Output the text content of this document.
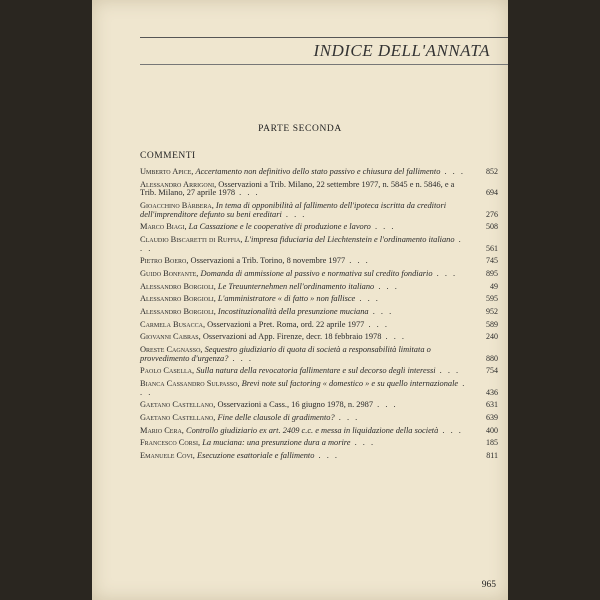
INDICE DELL'ANNATA
PARTE SECONDA
COMMENTI
Umberto Apice, Accertamento non definitivo dello stato passivo e chiusura del fallimento . . .	852
Alessandro Arrigoni, Osservazioni a Trib. Milano, 22 settembre 1977, n. 5845 e n. 5846, e a Trib. Milano, 27 aprile 1978 . . .	694
Gioacchino Bàrbera, In tema di opponibilità al fallimento dell'ipoteca iscritta da creditori dell'imprenditore defunto su beni ereditari . . .	276
Marco Biagi, La Cassazione e le cooperative di produzione e lavoro . . .	508
Claudio Biscaretti di Ruffia, L'impresa fiduciaria del Liechtenstein e l'ordinamento italiano . . .	561
Pietro Boero, Osservazioni a Trib. Torino, 8 novembre 1977 . . .	745
Guido Bonfante, Domanda di ammissione al passivo e normativa sul credito fondiario . . .	895
Alessandro Borgioli, Le Treuunternehmen nell'ordinamento italiano . . .	49
Alessandro Borgioli, L'amministratore « di fatto » non fallisce . . .	595
Alessandro Borgioli, Incostituzionalità della presunzione muciana . . .	952
Carmela Busacca, Osservazioni a Pret. Roma, ord. 22 aprile 1977 . . .	589
Giovanni Cabras, Osservazioni ad App. Firenze, decr. 18 febbraio 1978 . . .	240
Oreste Cagnasso, Sequestro giudiziario di quota di società a responsabilità limitata o provvedimento d'urgenza? . . .	880
Paolo Casella, Sulla natura della revocatoria fallimentare e sul decorso degli interessi . . .	754
Bianca Cassandro Sulpasso, Brevi note sul factoring « domestico » e su quello internazionale . . .	436
Gaetano Castellano, Osservazioni a Cass., 16 giugno 1978, n. 2987 . . .	631
Gaetano Castellano, Fine delle clausole di gradimento? . . .	639
Mario Cera, Controllo giudiziario ex art. 2409 c.c. e messa in liquidazione della società . . .	400
Francesco Corsi, La muciana: una presunzione dura a morire . . .	185
Emanuele Covi, Esecuzione esattoriale e fallimento . . .	811
965
